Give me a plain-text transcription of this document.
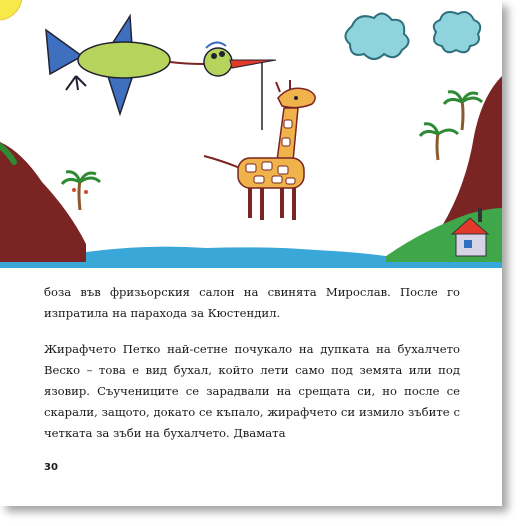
боза във фризьорския салон на свинята Мирослав. После го изпратила на парахода за Кюстендил.

Жирафчето Петко най-сетне почукало на дупката на бухалчето Веско – това е вид бухал, който лети само под земята или под язовир. Съучениците се зарадвали на срещата си, но после се скарали, защото, докато се къпало, жирафчето си измило зъбите с четката за зъби на бухалчето. Двамата

30
